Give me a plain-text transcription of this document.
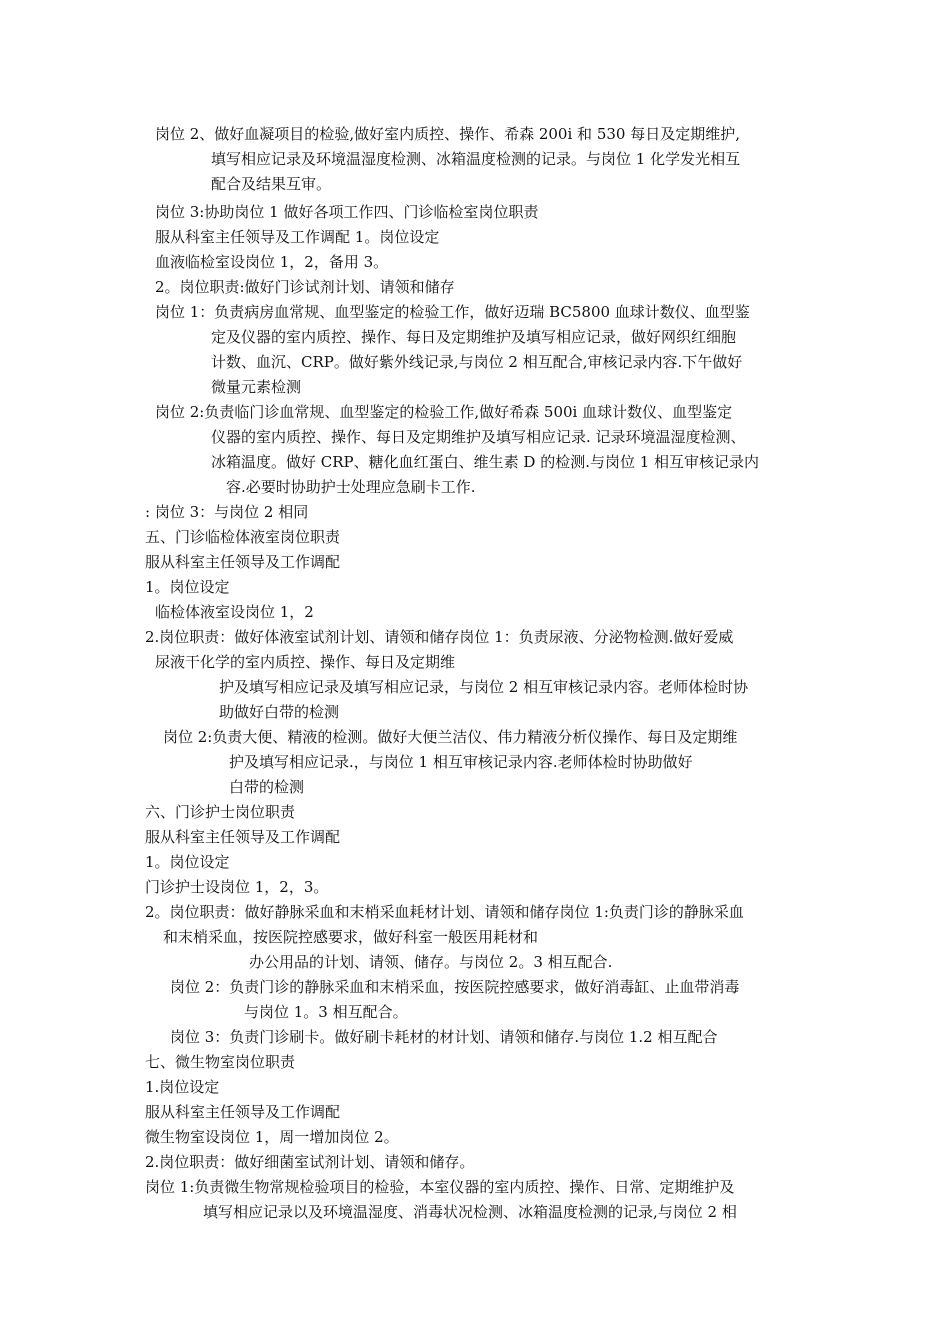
岗位 2、做好血凝项目的检验,做好室内质控、操作、希森 200i 和 530 每日及定期维护,

填写相应记录及环境温湿度检测、冰箱温度检测的记录。与岗位 1 化学发光相互

配合及结果互审。

岗位 3:协助岗位 1 做好各项工作四、门诊临检室岗位职责

服从科室主任领导及工作调配 1。岗位设定

血液临检室设岗位 1，2，备用 3。

2。岗位职责:做好门诊试剂计划、请领和储存

岗位 1：负责病房血常规、血型鉴定的检验工作，做好迈瑞 BC5800 血球计数仪、血型鉴

定及仪器的室内质控、操作、每日及定期维护及填写相应记录，做好网织红细胞

计数、血沉、CRP。做好紫外线记录,与岗位 2 相互配合,审核记录内容.下午做好

微量元素检测

岗位 2:负责临门诊血常规、血型鉴定的检验工作,做好希森 500i 血球计数仪、血型鉴定

仪器的室内质控、操作、每日及定期维护及填写相应记录. 记录环境温湿度检测、

冰箱温度。做好 CRP、糖化血红蛋白、维生素 D 的检测.与岗位 1 相互审核记录内

容.必要时协助护士处理应急刷卡工作.

: 岗位 3：与岗位 2 相同

五、门诊临检体液室岗位职责

服从科室主任领导及工作调配

1。岗位设定

临检体液室设岗位 1，2

2.岗位职责：做好体液室试剂计划、请领和储存岗位 1：负责尿液、分泌物检测.做好爱威

尿液干化学的室内质控、操作、每日及定期维

护及填写相应记录及填写相应记录，与岗位 2 相互审核记录内容。老师体检时协

助做好白带的检测

岗位 2:负责大便、精液的检测。做好大便兰洁仪、伟力精液分析仪操作、每日及定期维

护及填写相应记录.，与岗位 1 相互审核记录内容.老师体检时协助做好

白带的检测

六、门诊护士岗位职责

服从科室主任领导及工作调配

1。岗位设定

门诊护士设岗位 1，2，3。

2。岗位职责：做好静脉采血和末梢采血耗材计划、请领和储存岗位 1:负责门诊的静脉采血

和末梢采血，按医院控感要求，做好科室一般医用耗材和

办公用品的计划、请领、储存。与岗位 2。3 相互配合.

岗位 2：负责门诊的静脉采血和末梢采血，按医院控感要求，做好消毒缸、止血带消毒

与岗位 1。3 相互配合。

岗位 3：负责门诊刷卡。做好刷卡耗材的材计划、请领和储存.与岗位 1.2 相互配合

七、微生物室岗位职责

1.岗位设定

服从科室主任领导及工作调配

微生物室设岗位 1，周一增加岗位 2。

2.岗位职责：做好细菌室试剂计划、请领和储存。

岗位 1:负责微生物常规检验项目的检验，本室仪器的室内质控、操作、日常、定期维护及

填写相应记录以及环境温湿度、消毒状况检测、冰箱温度检测的记录,与岗位 2 相
